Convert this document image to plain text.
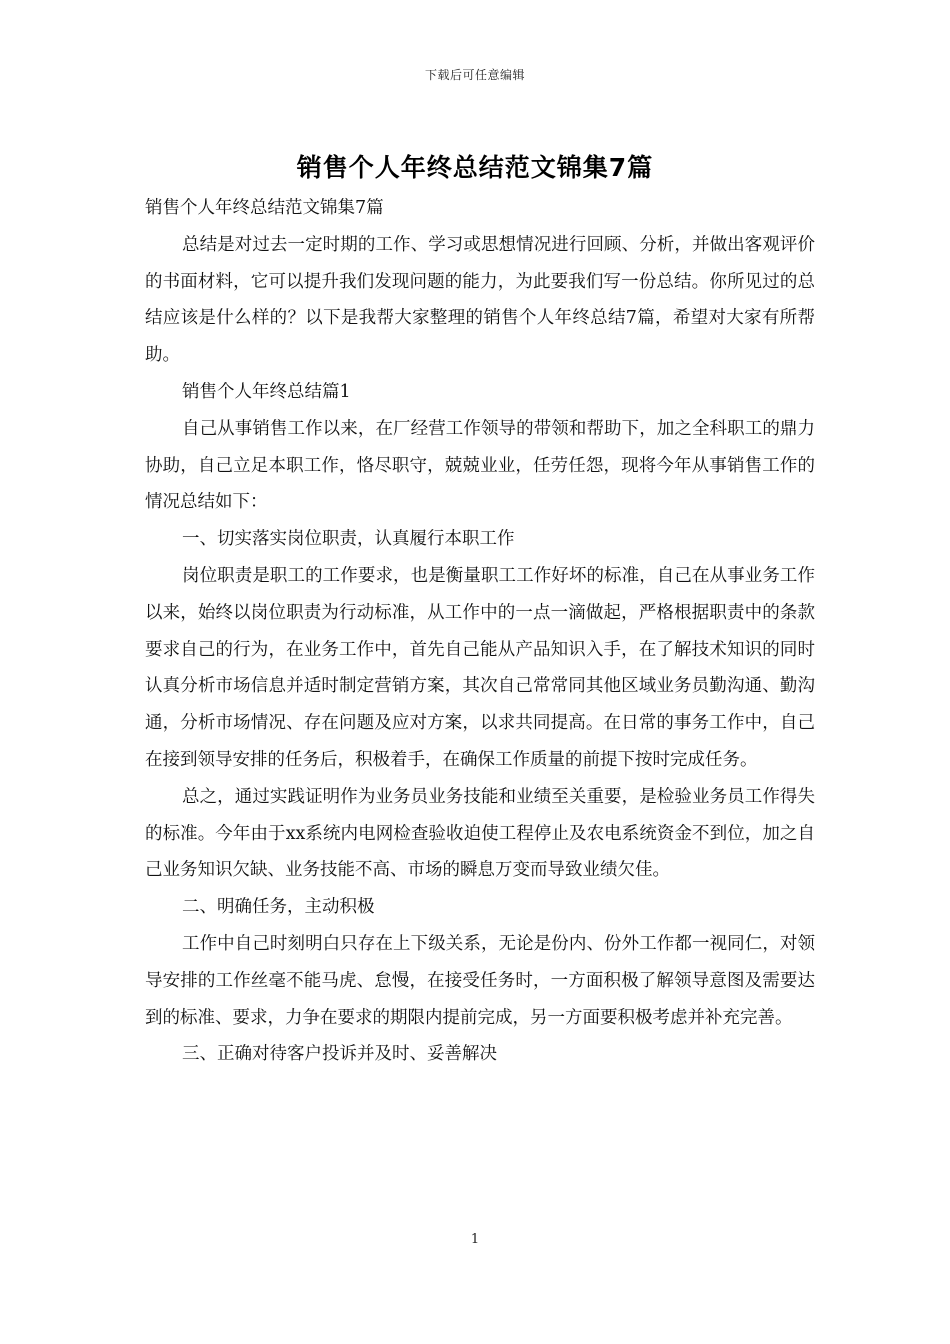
下载后可任意编辑
销售个人年终总结范文锦集7篇

销售个人年终总结范文锦集7篇

总结是对过去一定时期的工作、学习或思想情况进行回顾、分析，并做出客观评价的书面材料，它可以提升我们发现问题的能力，为此要我们写一份总结。你所见过的总结应该是什么样的？以下是我帮大家整理的销售个人年终总结7篇，希望对大家有所帮助。

销售个人年终总结篇1

自己从事销售工作以来，在厂经营工作领导的带领和帮助下，加之全科职工的鼎力协助，自己立足本职工作，恪尽职守，兢兢业业，任劳任怨，现将今年从事销售工作的情况总结如下：

一、切实落实岗位职责，认真履行本职工作

岗位职责是职工的工作要求，也是衡量职工工作好坏的标准，自己在从事业务工作以来，始终以岗位职责为行动标准，从工作中的一点一滴做起，严格根据职责中的条款要求自己的行为，在业务工作中，首先自己能从产品知识入手，在了解技术知识的同时认真分析市场信息并适时制定营销方案，其次自己常常同其他区域业务员勤沟通、勤沟通，分析市场情况、存在问题及应对方案，以求共同提高。在日常的事务工作中，自己在接到领导安排的任务后，积极着手，在确保工作质量的前提下按时完成任务。

总之，通过实践证明作为业务员业务技能和业绩至关重要，是检验业务员工作得失的标准。今年由于xx系统内电网检查验收迫使工程停止及农电系统资金不到位，加之自己业务知识欠缺、业务技能不高、市场的瞬息万变而导致业绩欠佳。

二、明确任务，主动积极

工作中自己时刻明白只存在上下级关系，无论是份内、份外工作都一视同仁，对领导安排的工作丝毫不能马虎、怠慢，在接受任务时，一方面积极了解领导意图及需要达到的标准、要求，力争在要求的期限内提前完成，另一方面要积极考虑并补充完善。

三、正确对待客户投诉并及时、妥善解决

1
